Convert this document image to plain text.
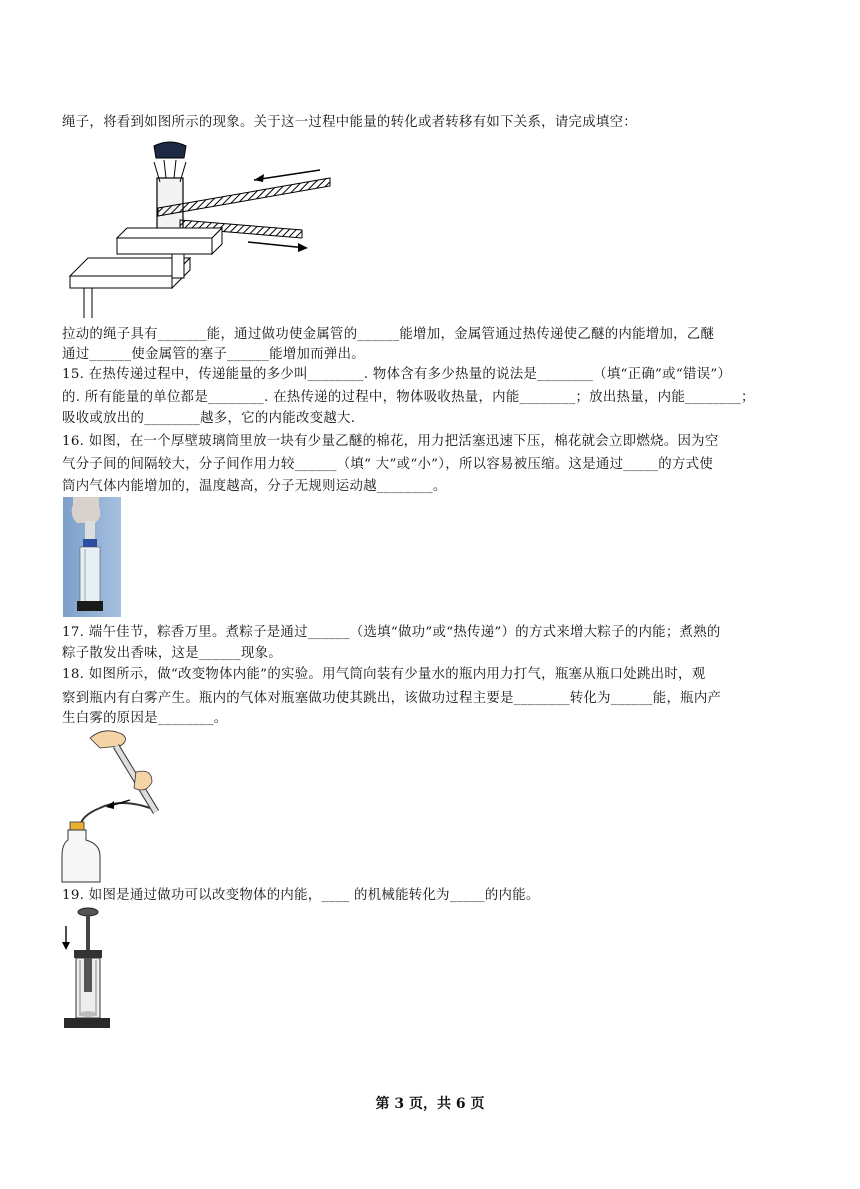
绳子，将看到如图所示的现象。关于这一过程中能量的转化或者转移有如下关系，请完成填空：
拉动的绳子具有_______能，通过做功使金属管的______能增加，金属管通过热传递使乙醚的内能增加，乙醚
通过______使金属管的塞子______能增加而弹出。
15. 在热传递过程中，传递能量的多少叫________. 物体含有多少热量的说法是________（填“正确”或“错误”）
的. 所有能量的单位都是________. 在热传递的过程中，物体吸收热量，内能________；放出热量，内能________；
吸收或放出的________越多，它的内能改变越大.
16. 如图，在一个厚壁玻璃筒里放一块有少量乙醚的棉花，用力把活塞迅速下压，棉花就会立即燃烧。因为空
气分子间的间隔较大，分子间作用力较______（填“ 大”或“小”），所以容易被压缩。这是通过_____的方式使
筒内气体内能增加的，温度越高，分子无规则运动越________。
17. 端午佳节，粽香万里。煮粽子是通过______（选填“做功”或“热传递”）的方式来增大粽子的内能；煮熟的
粽子散发出香味，这是______现象。
18. 如图所示，做“改变物体内能”的实验。用气筒向装有少量水的瓶内用力打气，瓶塞从瓶口处跳出时，观
察到瓶内有白雾产生。瓶内的气体对瓶塞做功使其跳出，该做功过程主要是________转化为______能，瓶内产
生白雾的原因是________。
19. 如图是通过做功可以改变物体的内能，____ 的机械能转化为_____的内能。
第 3 页，共 6 页
